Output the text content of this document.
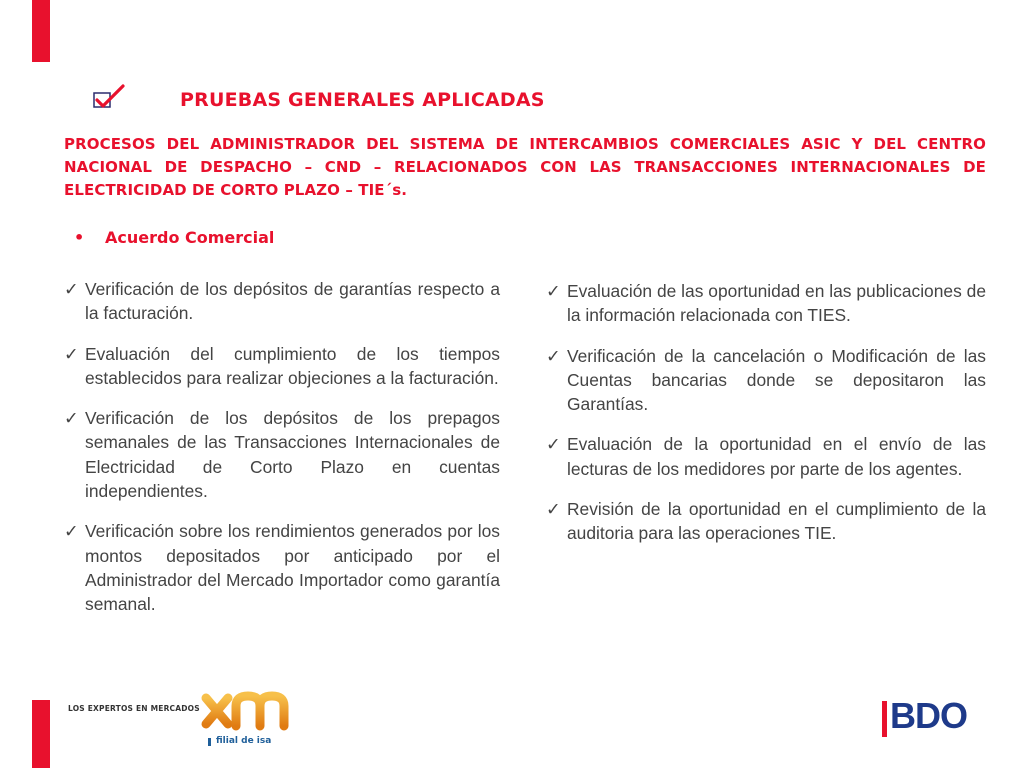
PRUEBAS GENERALES APLICADAS
PROCESOS DEL ADMINISTRADOR DEL SISTEMA DE INTERCAMBIOS COMERCIALES ASIC Y DEL CENTRO NACIONAL DE DESPACHO – CND – RELACIONADOS CON LAS TRANSACCIONES INTERNACIONALES DE ELECTRICIDAD DE CORTO PLAZO – TIE´s.
• Acuerdo Comercial
✓ Verificación de los depósitos de garantías respecto a la facturación.
✓ Evaluación del cumplimiento de los tiempos establecidos para realizar objeciones a la facturación.
✓ Verificación de los depósitos de los prepagos semanales de las Transacciones Internacionales de Electricidad de Corto Plazo en cuentas independientes.
✓ Verificación sobre los rendimientos generados por los montos depositados por anticipado por el Administrador del Mercado Importador como garantía semanal.
✓ Evaluación de las oportunidad en las publicaciones de la información relacionada con TIES.
✓ Verificación de la cancelación o Modificación de las Cuentas bancarias donde se depositaron las Garantías.
✓ Evaluación de la oportunidad en el envío de las lecturas de los medidores por parte de los agentes.
✓ Revisión de la oportunidad en el cumplimiento de la auditoria para las operaciones TIE.
LOS EXPERTOS EN MERCADOS
filial de isa
BDO
